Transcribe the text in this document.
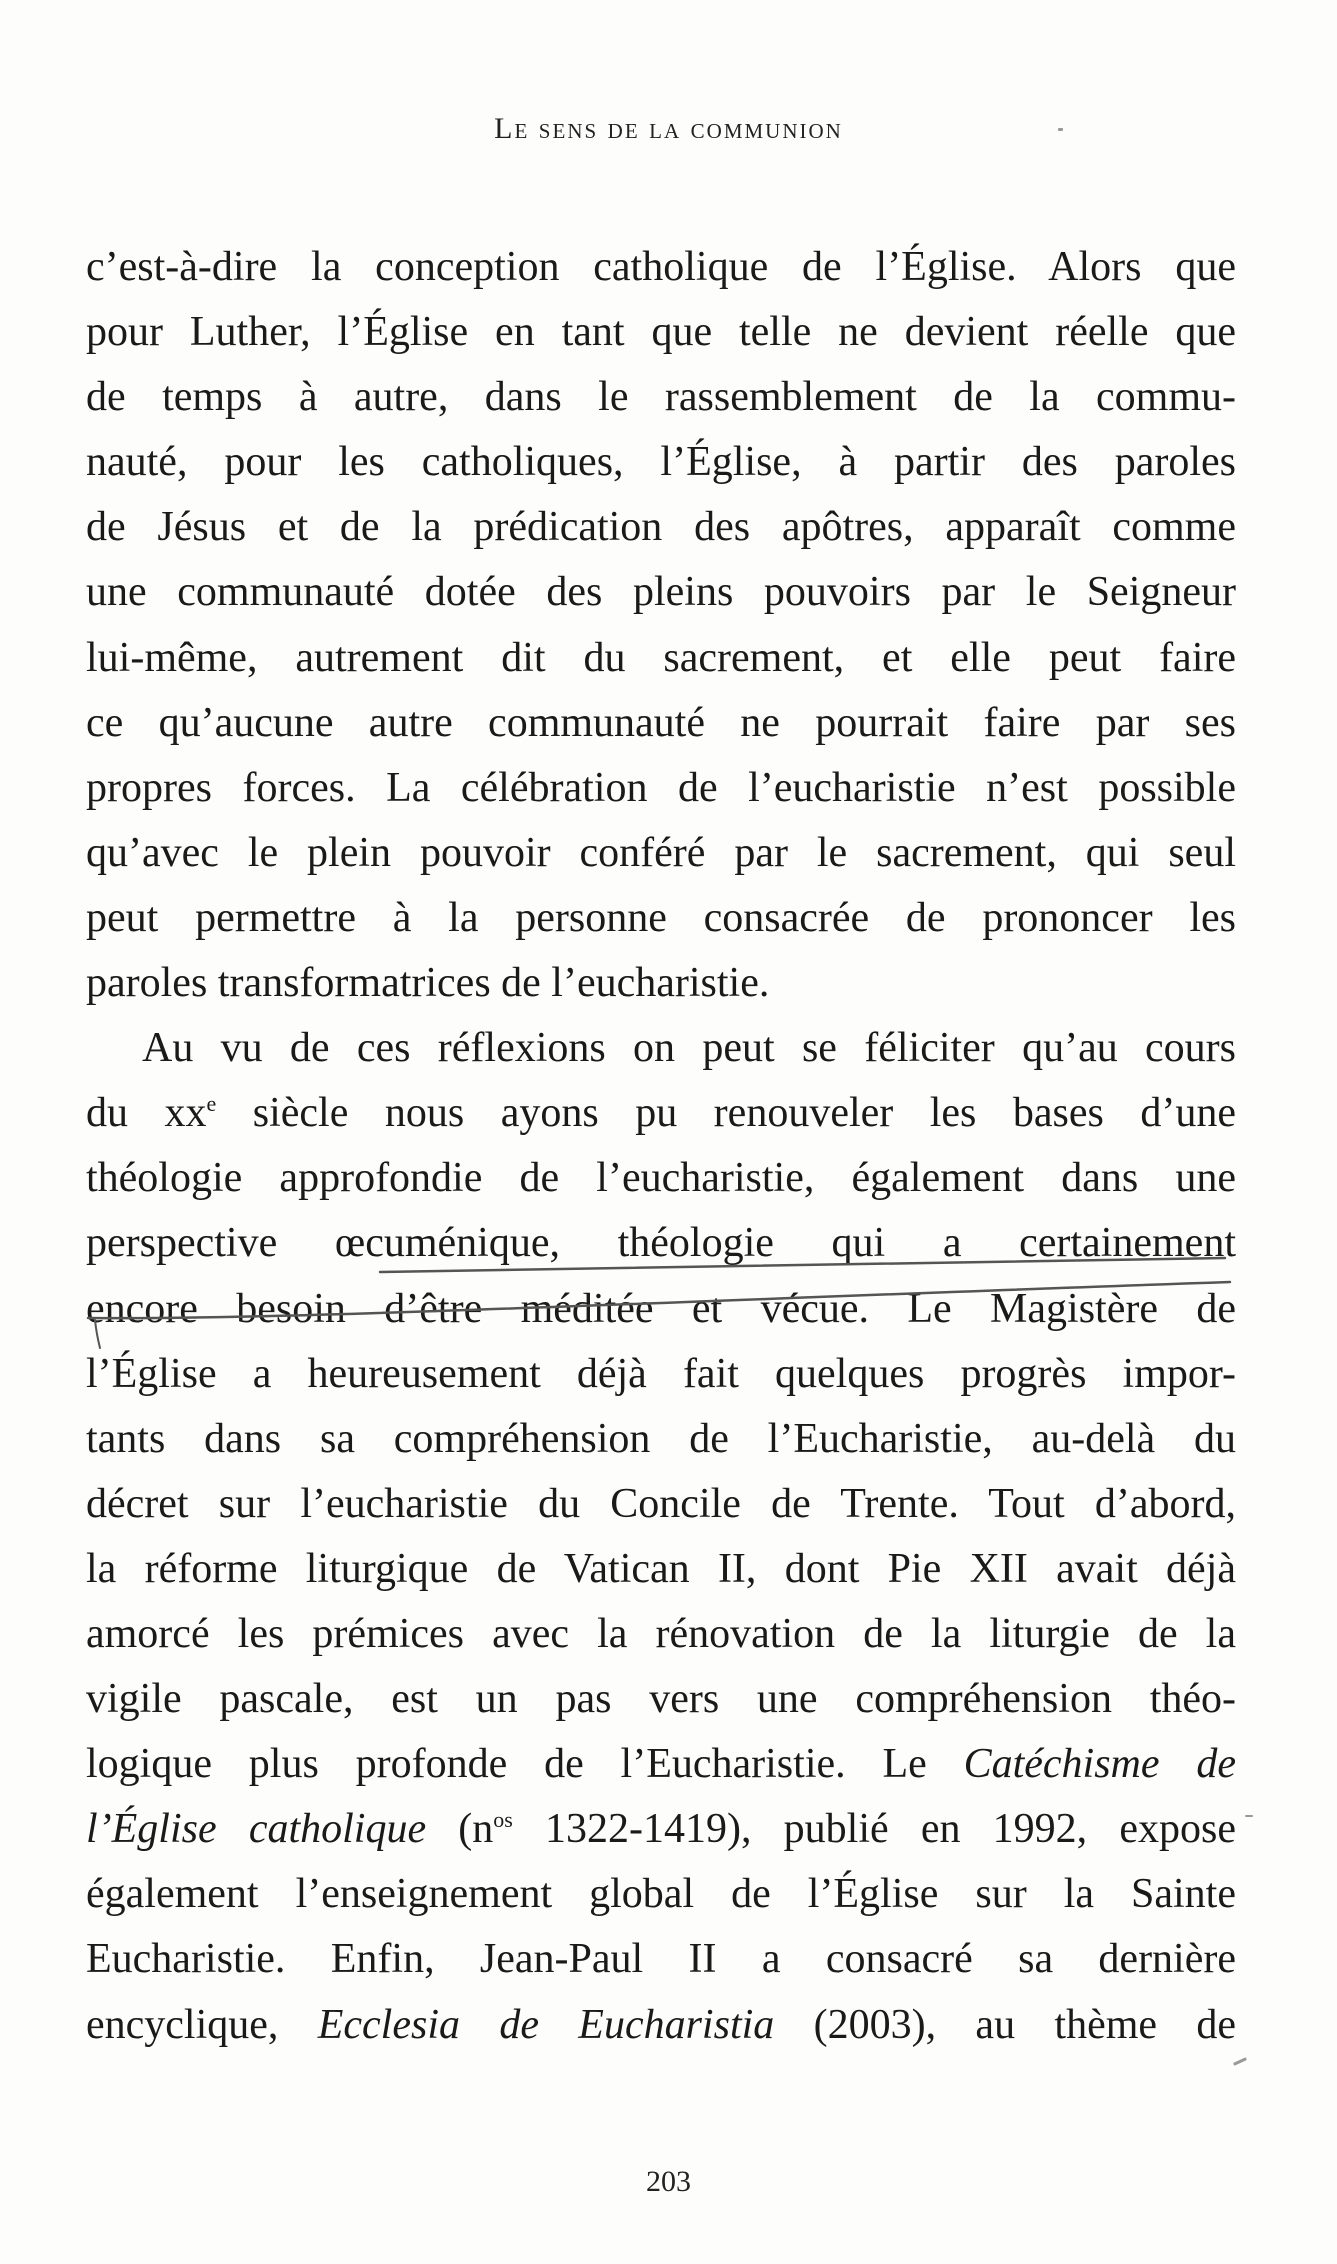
Le sens de la communion

c’est-à-dire la conception catholique de l’Église. Alors que
pour Luther, l’Église en tant que telle ne devient réelle que
de temps à autre, dans le rassemblement de la commu-
nauté, pour les catholiques, l’Église, à partir des paroles
de Jésus et de la prédication des apôtres, apparaît comme
une communauté dotée des pleins pouvoirs par le Seigneur
lui-même, autrement dit du sacrement, et elle peut faire
ce qu’aucune autre communauté ne pourrait faire par ses
propres forces. La célébration de l’eucharistie n’est possible
qu’avec le plein pouvoir conféré par le sacrement, qui seul
peut permettre à la personne consacrée de prononcer les
paroles transformatrices de l’eucharistie.

Au vu de ces réflexions on peut se féliciter qu’au cours
du $xx^e$ siècle nous ayons pu renouveler les bases d’une
théologie approfondie de l’eucharistie, également dans une
perspective œcuménique, théologie qui a certainement
encore besoin d’être méditée et vécue. Le Magistère de
l’Église a heureusement déjà fait quelques progrès impor-
tants dans sa compréhension de l’Eucharistie, au-delà du
décret sur l’eucharistie du Concile de Trente. Tout d’abord,
la réforme liturgique de Vatican II, dont Pie XII avait déjà
amorcé les prémices avec la rénovation de la liturgie de la
vigile pascale, est un pas vers une compréhension théo-
logique plus profonde de l’Eucharistie. Le Catéchisme de
l’Église catholique ($n^{os}$ 1322-1419), publié en 1992, expose
également l’enseignement global de l’Église sur la Sainte
Eucharistie. Enfin, Jean-Paul II a consacré sa dernière
encyclique, Ecclesia de Eucharistia (2003), au thème de

203
